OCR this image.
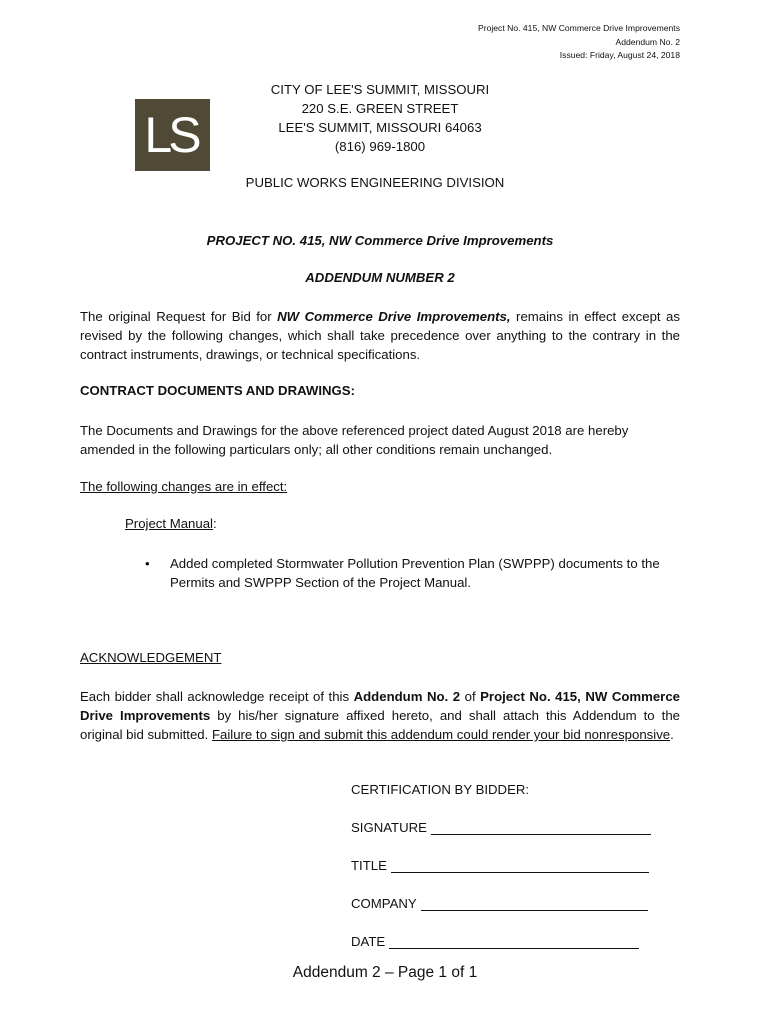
Project No. 415, NW Commerce Drive Improvements
Addendum No. 2
Issued: Friday, August 24, 2018
LS
CITY OF LEE'S SUMMIT, MISSOURI
220 S.E. GREEN STREET
LEE'S SUMMIT, MISSOURI 64063
(816) 969-1800
PUBLIC WORKS ENGINEERING DIVISION
PROJECT NO. 415, NW Commerce Drive Improvements
ADDENDUM NUMBER 2
The original Request for Bid for NW Commerce Drive Improvements, remains in effect except as revised by the following changes, which shall take precedence over anything to the contrary in the contract instruments, drawings, or technical specifications.
CONTRACT DOCUMENTS AND DRAWINGS:
The Documents and Drawings for the above referenced project dated August 2018 are hereby amended in the following particulars only; all other conditions remain unchanged.
The following changes are in effect:
Project Manual:
• Added completed Stormwater Pollution Prevention Plan (SWPPP) documents to the Permits and SWPPP Section of the Project Manual.
ACKNOWLEDGEMENT
Each bidder shall acknowledge receipt of this Addendum No. 2 of Project No. 415, NW Commerce Drive Improvements by his/her signature affixed hereto, and shall attach this Addendum to the original bid submitted. Failure to sign and submit this addendum could render your bid nonresponsive.
CERTIFICATION BY BIDDER:
SIGNATURE
TITLE
COMPANY
DATE
Addendum 2 – Page 1 of 1
